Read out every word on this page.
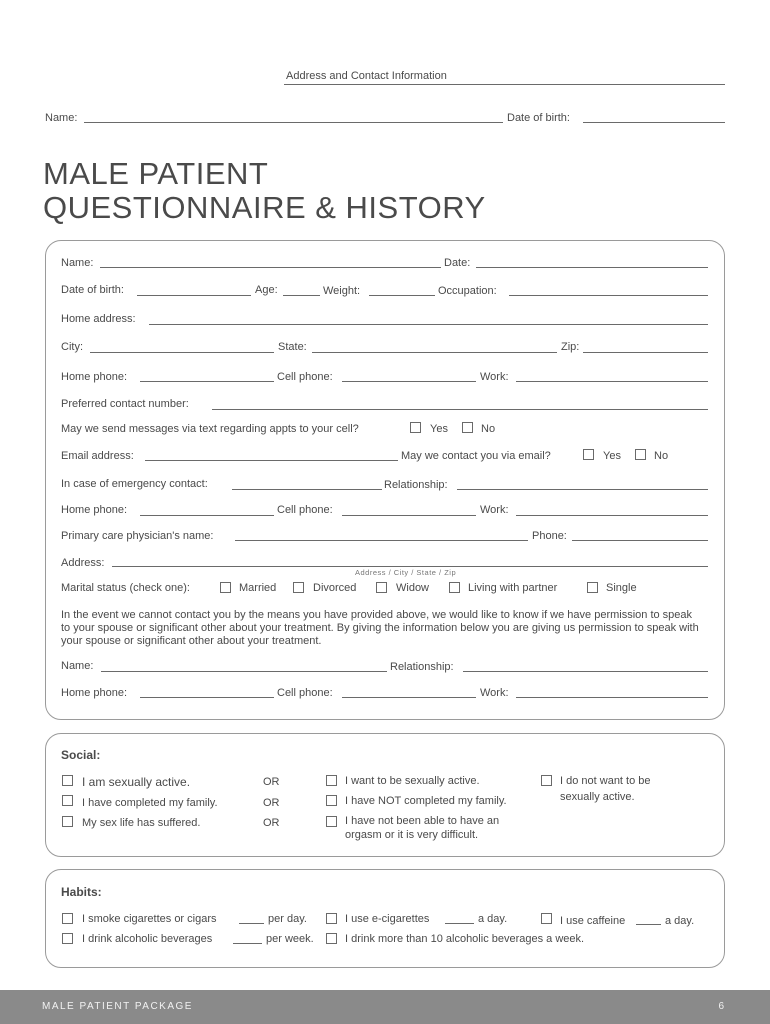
Address and Contact Information
Name:	Date of birth:
MALE PATIENT
QUESTIONNAIRE & HISTORY
Name:	Date:
Date of birth:	Age:	Weight:	Occupation:
Home address:
City:	State:	Zip:
Home phone:	Cell phone:	Work:
Preferred contact number:
May we send messages via text regarding appts to your cell?	Yes	No
Email address:	May we contact you via email?	Yes	No
In case of emergency contact:	Relationship:
Home phone:	Cell phone:	Work:
Primary care physician's name:	Phone:
Address:
Address / City / State / Zip
Marital status (check one):	Married	Divorced	Widow	Living with partner	Single
In the event we cannot contact you by the means you have provided above, we would like to know if we have permission to speak to your spouse or significant other about your treatment. By giving the information below you are giving us permission to speak with your spouse or significant other about your treatment.
Name:	Relationship:
Home phone:	Cell phone:	Work:
Social:
I am sexually active.	OR	I want to be sexually active.	I do not want to be
sexually active.
I have completed my family.	OR	I have NOT completed my family.
My sex life has suffered.	OR	I have not been able to have an
orgasm or it is very difficult.
Habits:
I smoke cigarettes or cigars	per day.	I use e-cigarettes	a day.	I use caffeine	a day.
I drink alcoholic beverages	per week.	I drink more than 10 alcoholic beverages a week.
MALE PATIENT PACKAGE	6
